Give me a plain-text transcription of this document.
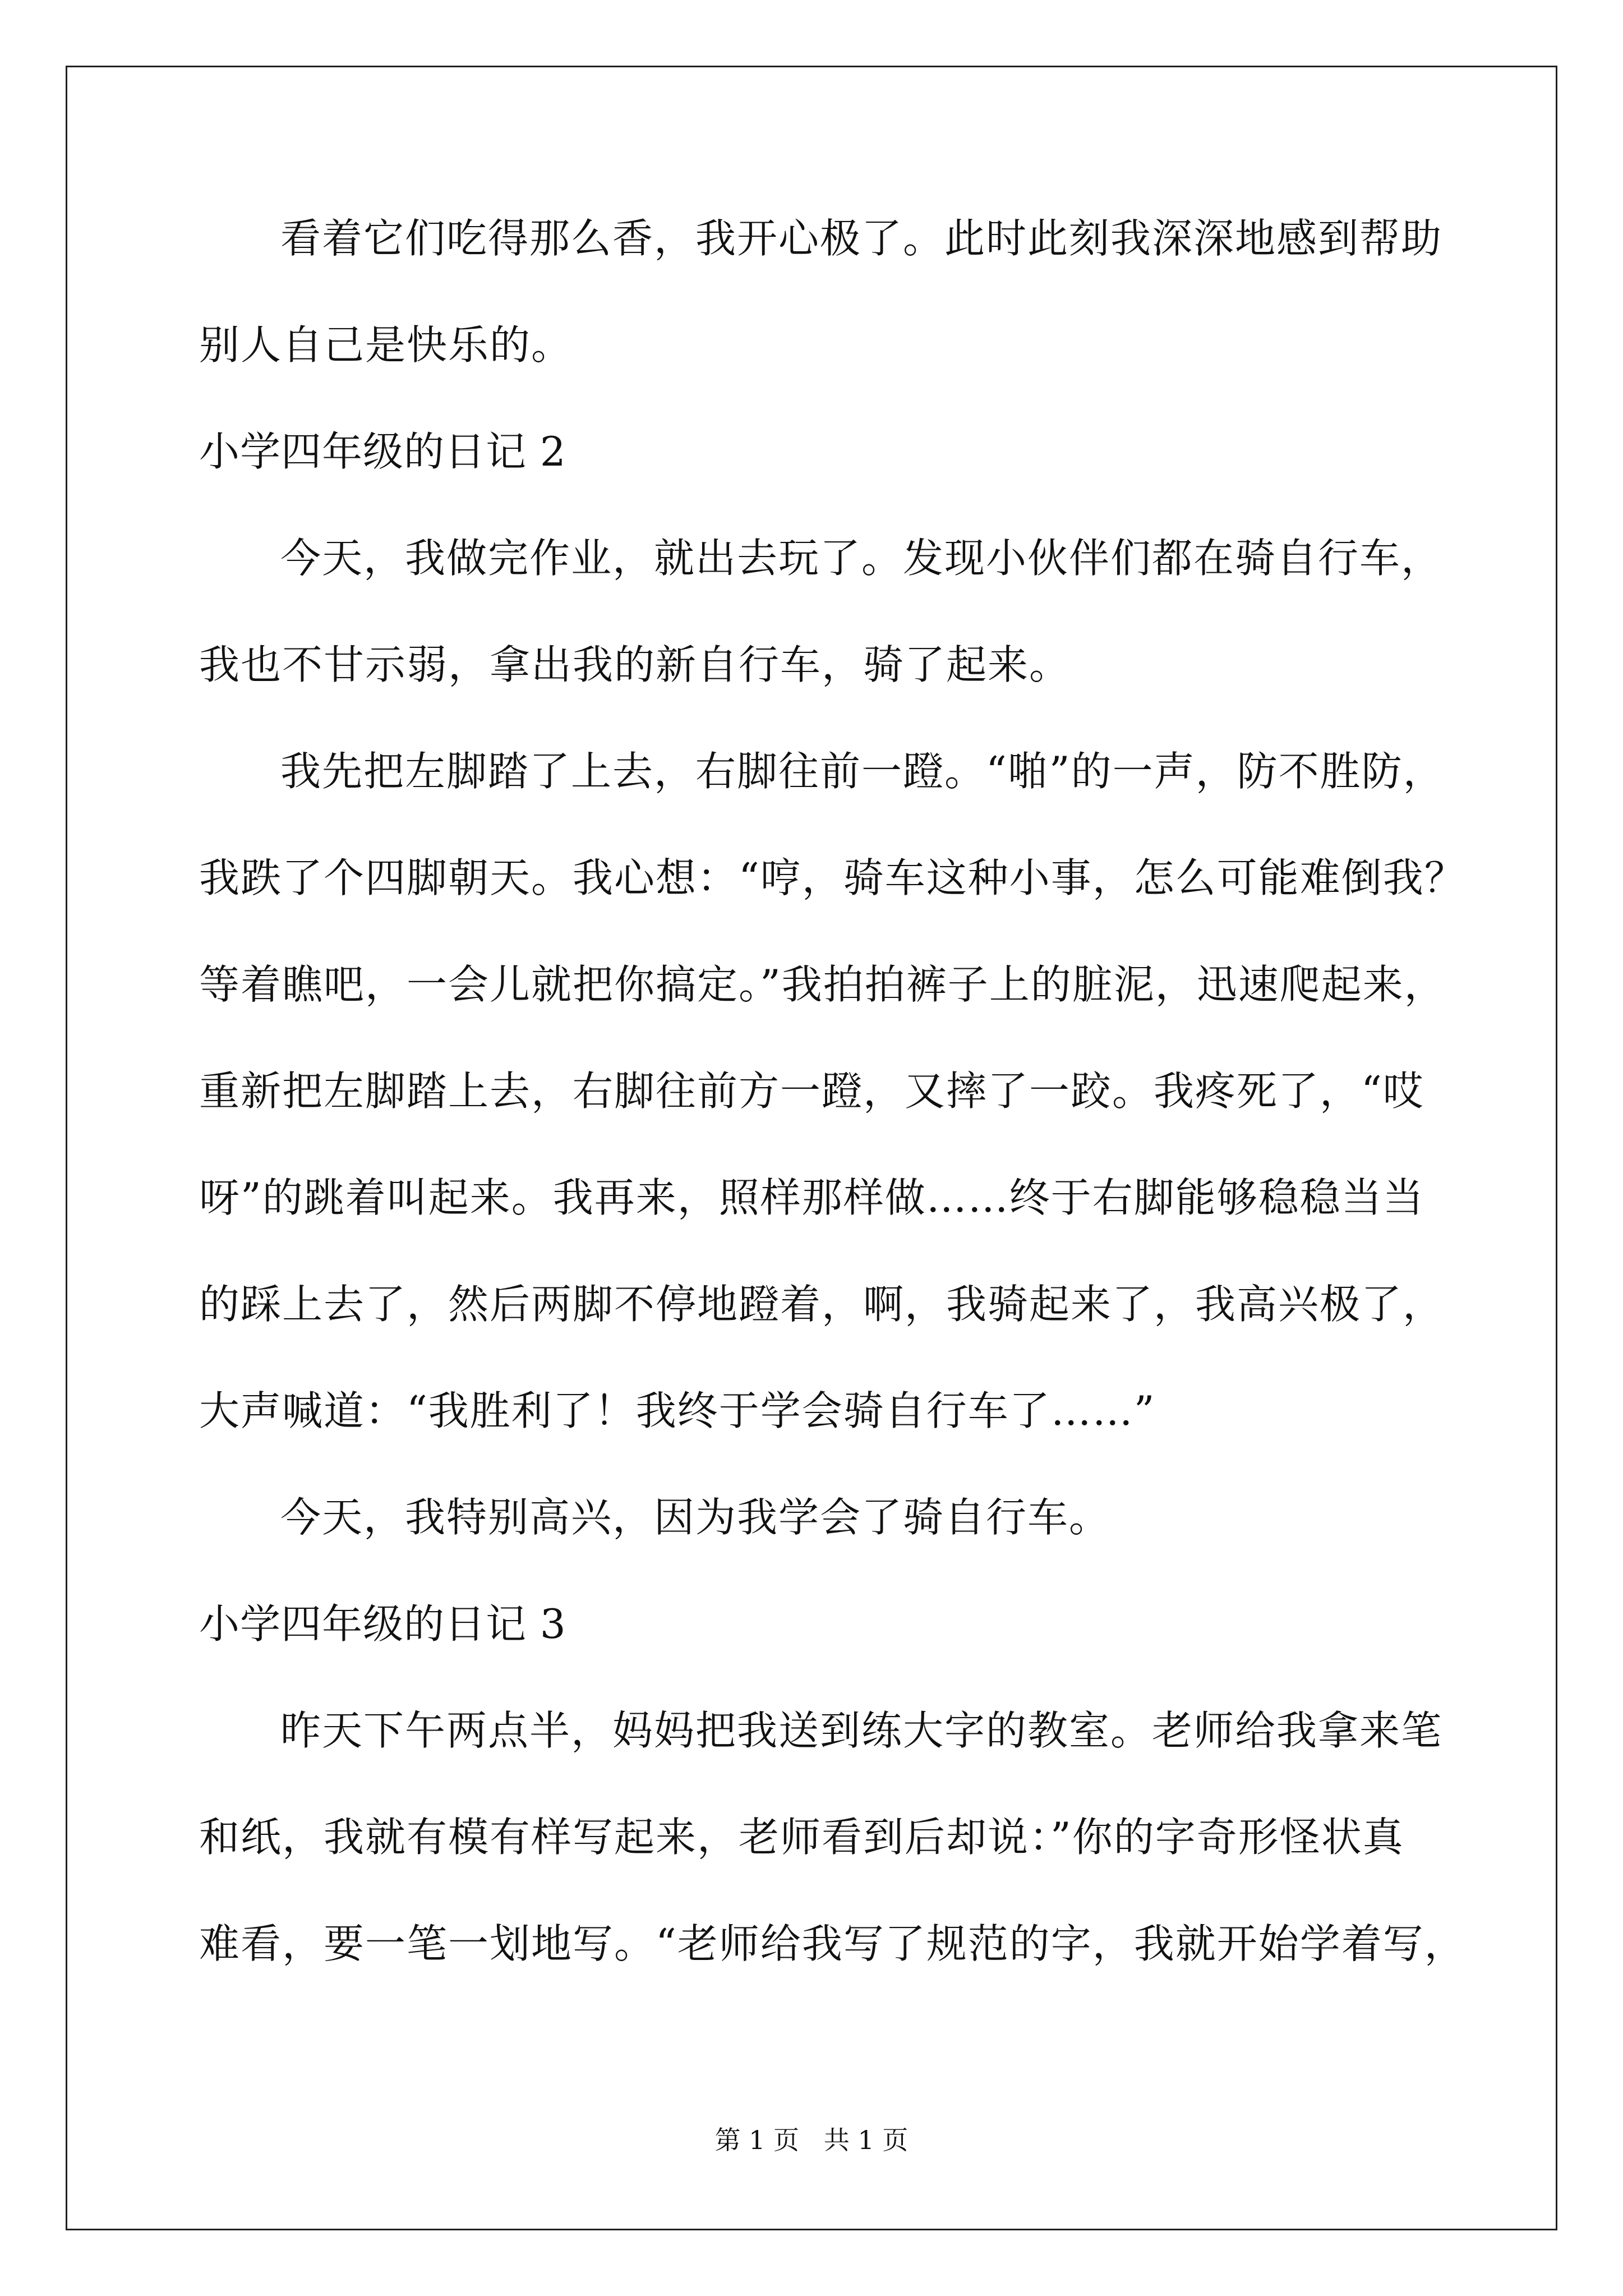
看着它们吃得那么香，我开心极了。此时此刻我深深地感到帮助
别人自己是快乐的。
小学四年级的日记 2
今天，我做完作业，就出去玩了。发现小伙伴们都在骑自行车，
我也不甘示弱，拿出我的新自行车，骑了起来。
我先把左脚踏了上去，右脚往前一蹬。“啪”的一声，防不胜防，
我跌了个四脚朝天。我心想：“哼，骑车这种小事，怎么可能难倒我？
等着瞧吧，一会儿就把你搞定。”我拍拍裤子上的脏泥，迅速爬起来，
重新把左脚踏上去，右脚往前方一蹬，又摔了一跤。我疼死了，“哎
呀”的跳着叫起来。我再来，照样那样做……终于右脚能够稳稳当当
的踩上去了，然后两脚不停地蹬着，啊，我骑起来了，我高兴极了，
大声喊道：“我胜利了！我终于学会骑自行车了……”
今天，我特别高兴，因为我学会了骑自行车。
小学四年级的日记 3
昨天下午两点半，妈妈把我送到练大字的教室。老师给我拿来笔
和纸，我就有模有样写起来，老师看到后却说：”你的字奇形怪状真
难看，要一笔一划地写。“老师给我写了规范的字，我就开始学着写，
第 1 页   共 1 页
